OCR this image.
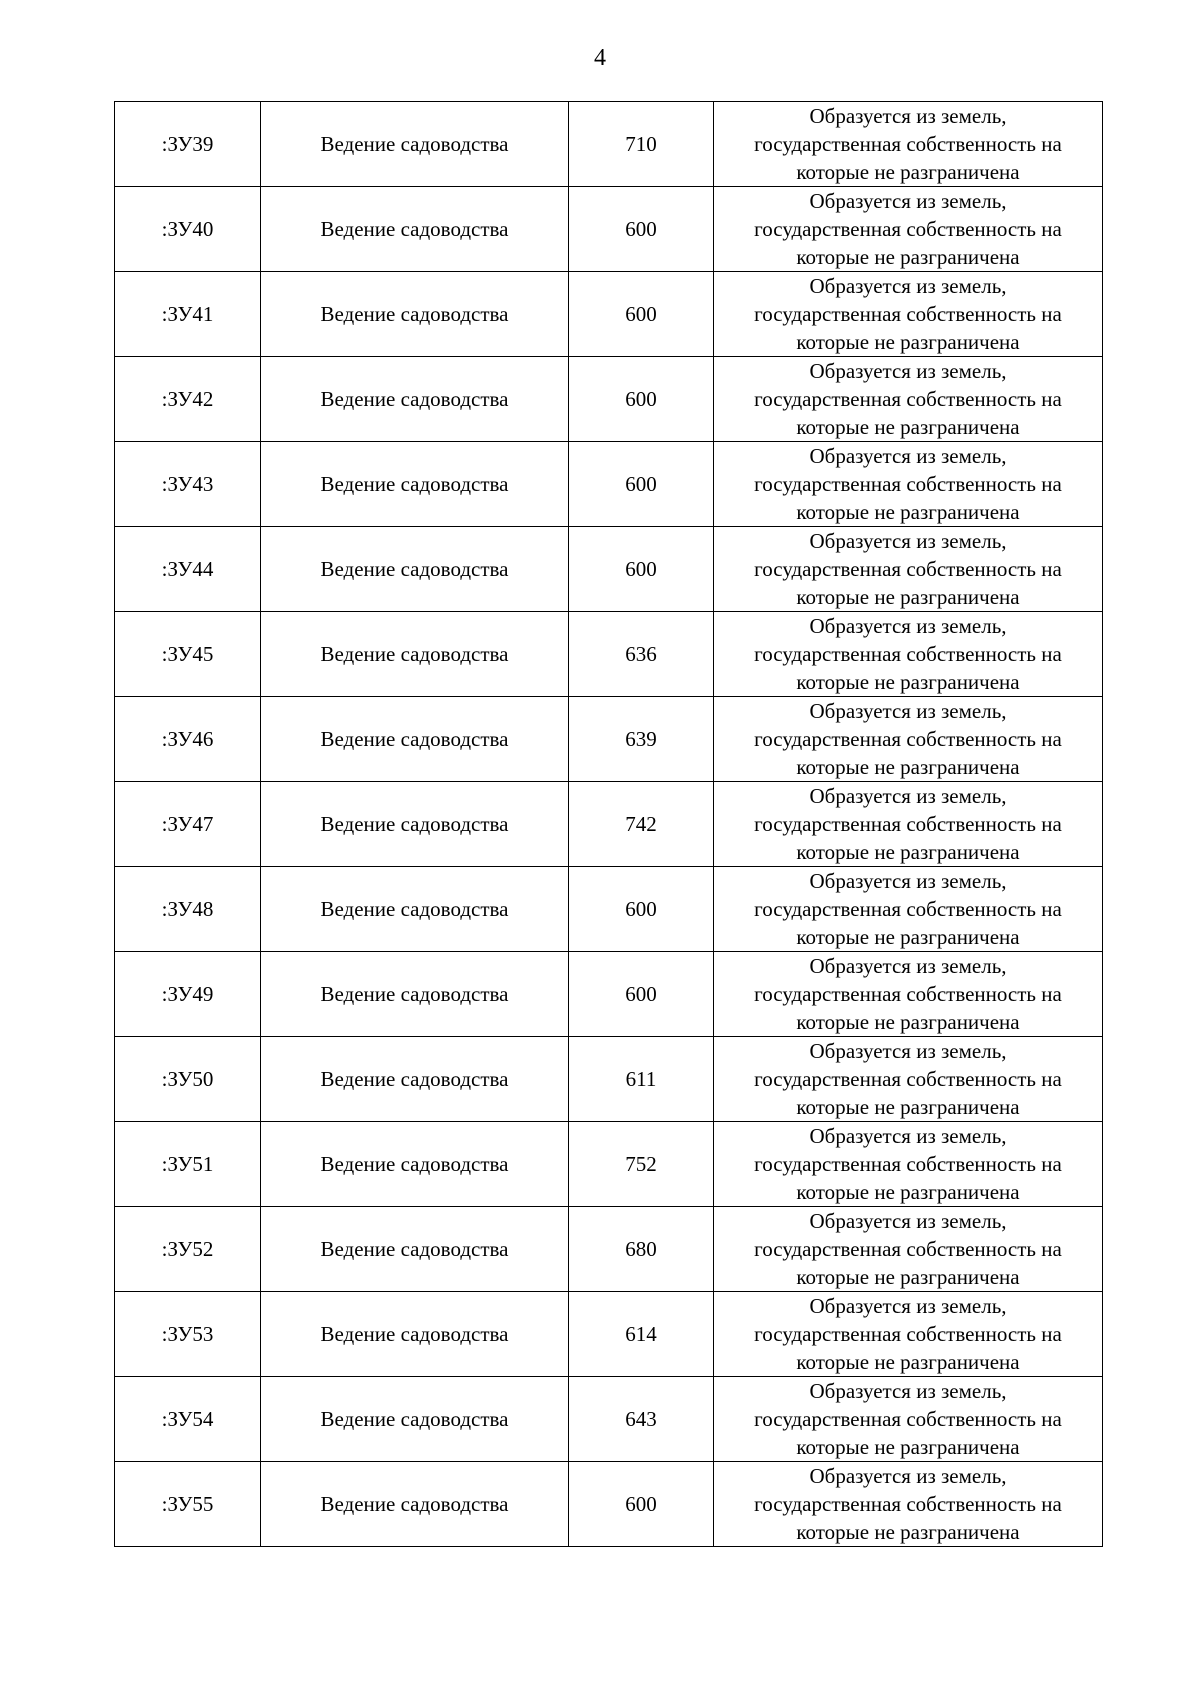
4
:ЗУ39	Ведение садоводства	710	Образуется из земель,
государственная собственность на
которые не разграничена

:ЗУ40	Ведение садоводства	600	Образуется из земель,
государственная собственность на
которые не разграничена

:ЗУ41	Ведение садоводства	600	Образуется из земель,
государственная собственность на
которые не разграничена

:ЗУ42	Ведение садоводства	600	Образуется из земель,
государственная собственность на
которые не разграничена

:ЗУ43	Ведение садоводства	600	Образуется из земель,
государственная собственность на
которые не разграничена

:ЗУ44	Ведение садоводства	600	Образуется из земель,
государственная собственность на
которые не разграничена

:ЗУ45	Ведение садоводства	636	Образуется из земель,
государственная собственность на
которые не разграничена

:ЗУ46	Ведение садоводства	639	Образуется из земель,
государственная собственность на
которые не разграничена

:ЗУ47	Ведение садоводства	742	Образуется из земель,
государственная собственность на
которые не разграничена

:ЗУ48	Ведение садоводства	600	Образуется из земель,
государственная собственность на
которые не разграничена

:ЗУ49	Ведение садоводства	600	Образуется из земель,
государственная собственность на
которые не разграничена

:ЗУ50	Ведение садоводства	611	Образуется из земель,
государственная собственность на
которые не разграничена

:ЗУ51	Ведение садоводства	752	Образуется из земель,
государственная собственность на
которые не разграничена

:ЗУ52	Ведение садоводства	680	Образуется из земель,
государственная собственность на
которые не разграничена

:ЗУ53	Ведение садоводства	614	Образуется из земель,
государственная собственность на
которые не разграничена

:ЗУ54	Ведение садоводства	643	Образуется из земель,
государственная собственность на
которые не разграничена

:ЗУ55	Ведение садоводства	600	Образуется из земель,
государственная собственность на
которые не разграничена
